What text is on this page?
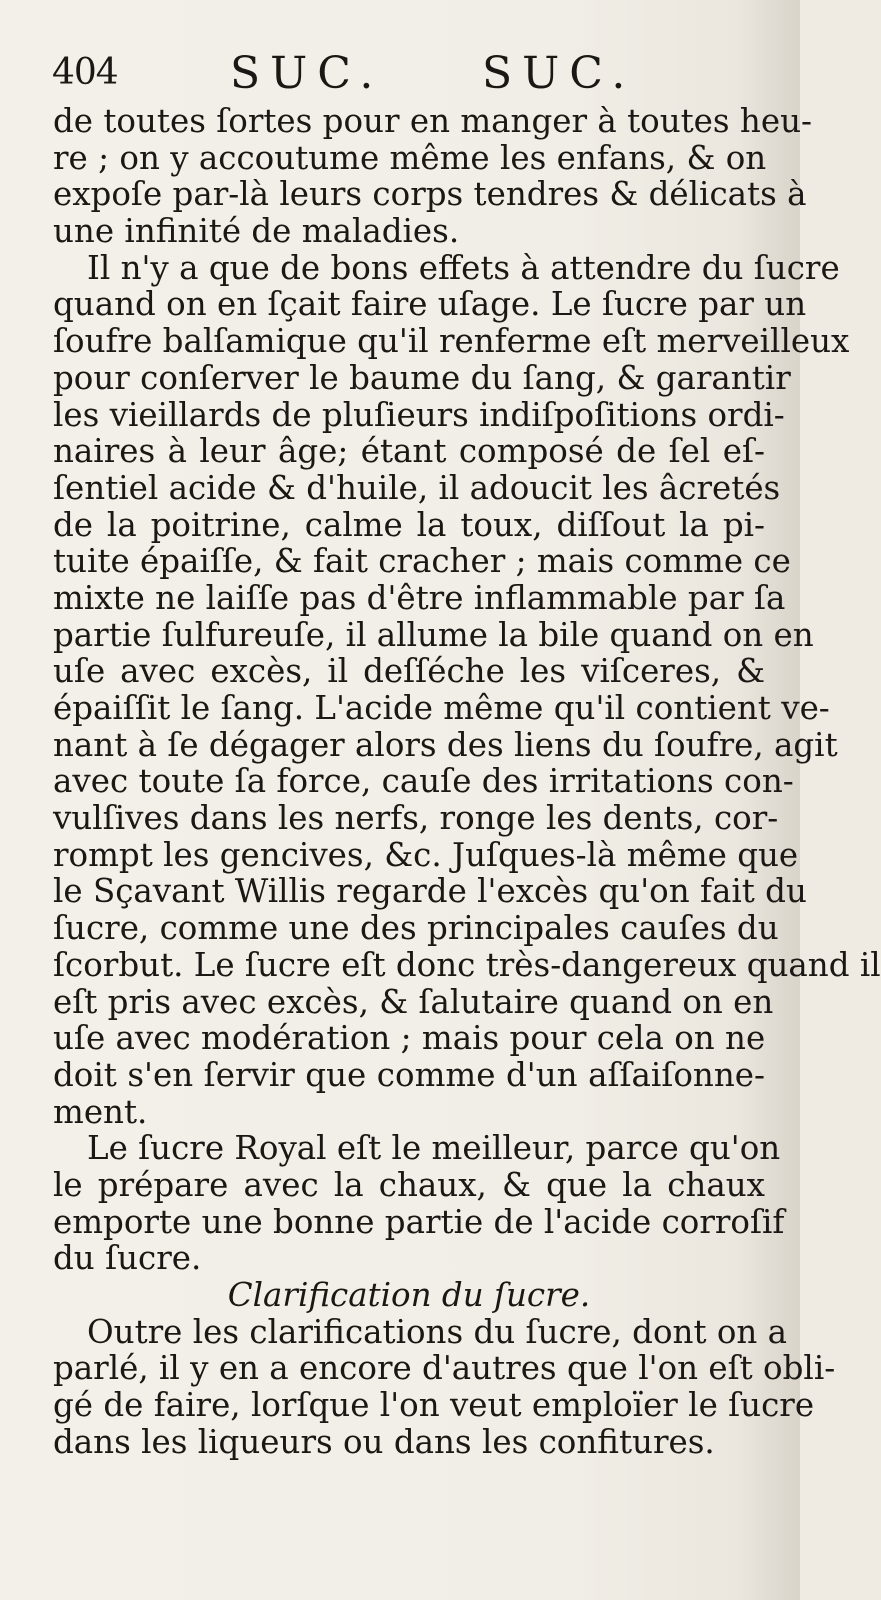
404	SUC. SUC.
de toutes ſortes pour en manger à toutes heu-
re ; on y accoutume même les enfans, & on
expoſe par-là leurs corps tendres & délicats à
une infinité de maladies.
Il n'y a que de bons effets à attendre du ſucre
quand on en ſçait faire uſage. Le ſucre par un
ſoufre balſamique qu'il renferme eſt merveilleux
pour conſerver le baume du ſang, & garantir
les vieillards de pluſieurs indiſpoſitions ordi-
naires à leur âge; étant composé de ſel eſ-
ſentiel acide & d'huile, il adoucit les âcretés
de la poitrine, calme la toux, diſſout la pi-
tuite épaiſſe, & fait cracher ; mais comme ce
mixte ne laiſſe pas d'être inflammable par ſa
partie ſulfureuſe, il allume la bile quand on en
uſe avec excès, il deſſéche les viſceres, &
épaiſſit le ſang. L'acide même qu'il contient ve-
nant à ſe dégager alors des liens du ſoufre, agit
avec toute ſa force, cauſe des irritations con-
vulſives dans les nerfs, ronge les dents, cor-
rompt les gencives, &c. Juſques-là même que
le Sçavant Willis regarde l'excès qu'on fait du
ſucre, comme une des principales cauſes du
ſcorbut. Le ſucre eſt donc très-dangereux quand il
eſt pris avec excès, & ſalutaire quand on en
uſe avec modération ; mais pour cela on ne
doit s'en ſervir que comme d'un aſſaiſonne-
ment.
Le ſucre Royal eſt le meilleur, parce qu'on
le prépare avec la chaux, & que la chaux
emporte une bonne partie de l'acide corroſif
du ſucre.
Clarification du ſucre.
Outre les clarifications du ſucre, dont on a
parlé, il y en a encore d'autres que l'on eſt obli-
gé de faire, lorſque l'on veut emploïer le ſucre
dans les liqueurs ou dans les confitures.
